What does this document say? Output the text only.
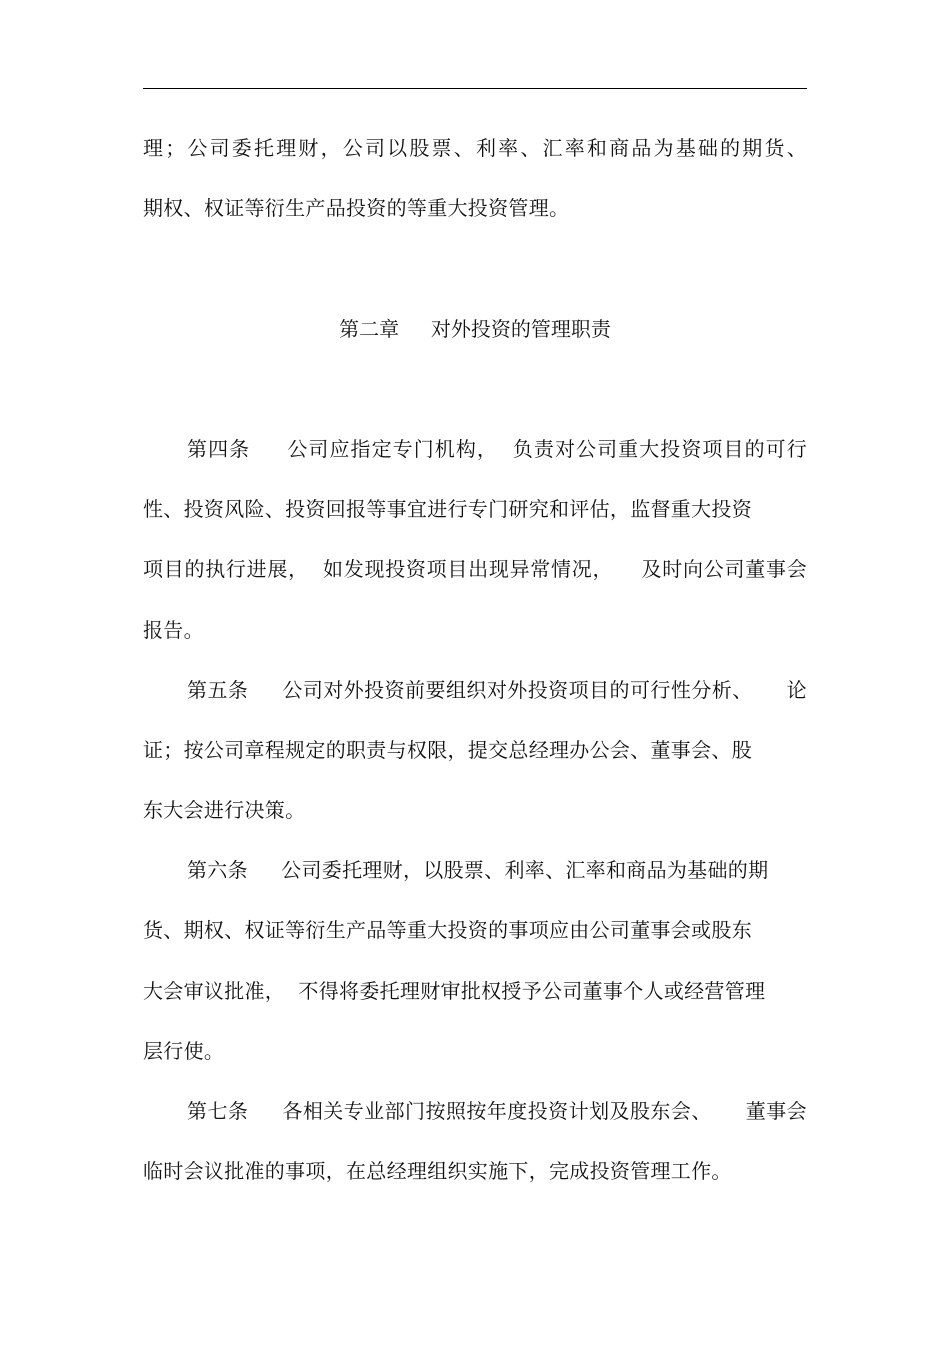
理；公司委托理财，公司以股票、利率、汇率和商品为基础的期货、
期权、权证等衍生产品投资的等重大投资管理。
第二章     对外投资的管理职责
第四条     公司应指定专门机构，  负责对公司重大投资项目的可行
性、投资风险、投资回报等事宜进行专门研究和评估，监督重大投资
项目的执行进展，  如发现投资项目出现异常情况，    及时向公司董事会
报告。
第五条     公司对外投资前要组织对外投资项目的可行性分析、     论
证；按公司章程规定的职责与权限，提交总经理办公会、董事会、股
东大会进行决策。
第六条     公司委托理财，以股票、利率、汇率和商品为基础的期
货、期权、权证等衍生产品等重大投资的事项应由公司董事会或股东
大会审议批准，  不得将委托理财审批权授予公司董事个人或经营管理
层行使。
第七条     各相关专业部门按照按年度投资计划及股东会、     董事会
临时会议批准的事项，在总经理组织实施下，完成投资管理工作。
